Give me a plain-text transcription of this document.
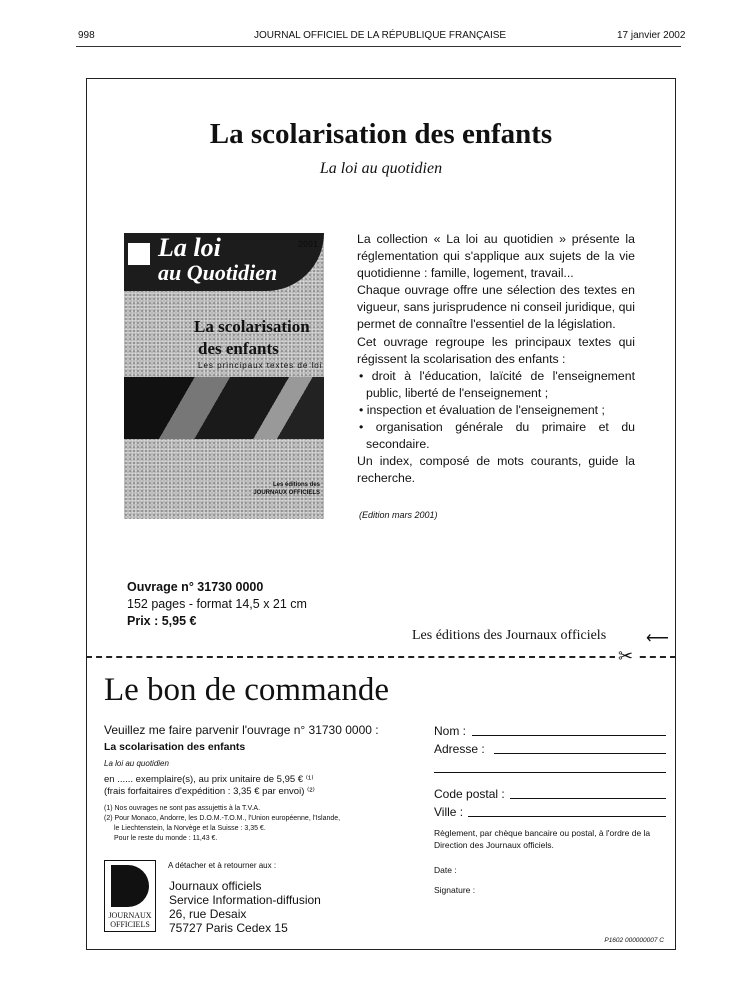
998	JOURNAL OFFICIEL DE LA RÉPUBLIQUE FRANÇAISE	17 janvier 2002
La scolarisation des enfants
La loi au quotidien
La loi
au Quotidien
2001
La scolarisation
des enfants
Les principaux textes de loi
Les éditions des JOURNAUX OFFICIELS

La collection « La loi au quotidien » présente la réglementation qui s'applique aux sujets de la vie quotidienne : famille, logement, travail...

Chaque ouvrage offre une sélection des textes en vigueur, sans jurisprudence ni conseil juridique, qui permet de connaître l'essentiel de la législation.

Cet ouvrage regroupe les principaux textes qui régissent la scolarisation des enfants :

• droit à l'éducation, laïcité de l'enseignement public, liberté de l'enseignement ;

• inspection et évaluation de l'enseignement ;

• organisation générale du primaire et du secondaire.

Un index, composé de mots courants, guide la recherche.

(Edition mars 2001)
Ouvrage n° 31730 0000
152 pages - format 14,5 x 21 cm
Prix : 5,95 €
Les éditions des Journaux officiels ⟵
✂
Le bon de commande
Veuillez me faire parvenir l'ouvrage n° 31730 0000 :
La scolarisation des enfants
La loi au quotidien
en ...... exemplaire(s), au prix unitaire de 5,95 € ⁽¹⁾
(frais forfaitaires d'expédition : 3,35 € par envoi) ⁽²⁾
(1) Nos ouvrages ne sont pas assujettis à la T.V.A.
(2) Pour Monaco, Andorre, les D.O.M.-T.O.M., l'Union européenne, l'Islande,
le Liechtenstein, la Norvège et la Suisse : 3,35 €.
Pour le reste du monde : 11,43 €.
A détacher et à retourner aux :
JOURNAUX
OFFICIELS
Journaux officiels
Service Information-diffusion
26, rue Desaix
75727 Paris Cedex 15
Nom :
Adresse :
Code postal :
Ville :
Règlement, par chèque bancaire ou postal, à l'ordre de la Direction des Journaux officiels.
Date :
Signature :
P1602 000000007 C
